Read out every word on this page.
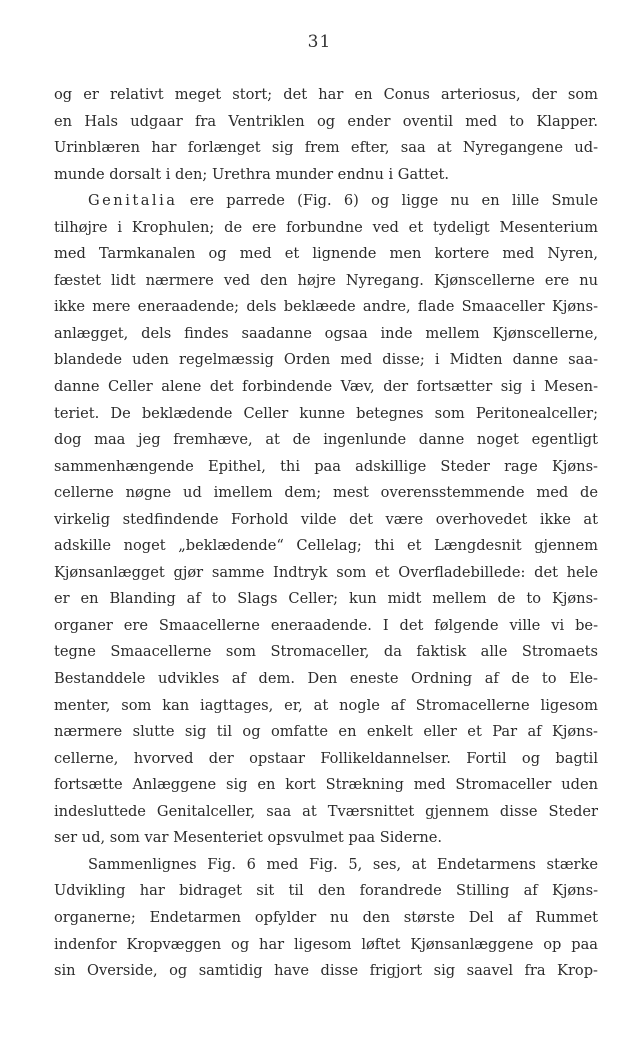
31
og er relativt meget stort; det har en Conus arteriosus, der som
en Hals udgaar fra Ventriklen og ender oventil med to Klapper.
Urinblæren har forlænget sig frem efter, saa at Nyregangene ud-
munde dorsalt i den; Urethra munder endnu i Gattet.
Genitalia ere parrede (Fig. 6) og ligge nu en lille Smule
tilhøjre i Krophulen; de ere forbundne ved et tydeligt Mesenterium
med Tarmkanalen og med et lignende men kortere med Nyren,
fæstet lidt nærmere ved den højre Nyregang. Kjønscellerne ere nu
ikke mere eneraadende; dels beklæede andre, flade Smaaceller Kjøns-
anlægget, dels findes saadanne ogsaa inde mellem Kjønscellerne,
blandede uden regelmæssig Orden med disse; i Midten danne saa-
danne Celler alene det forbindende Væv, der fortsætter sig i Mesen-
teriet. De beklædende Celler kunne betegnes som Peritonealceller;
dog maa jeg fremhæve, at de ingenlunde danne noget egentligt
sammenhængende Epithel, thi paa adskillige Steder rage Kjøns-
cellerne nøgne ud imellem dem; mest overensstemmende med de
virkelig stedfindende Forhold vilde det være overhovedet ikke at
adskille noget „beklædende“ Cellelag; thi et Længdesnit gjennem
Kjønsanlægget gjør samme Indtryk som et Overfladebillede: det hele
er en Blanding af to Slags Celler; kun midt mellem de to Kjøns-
organer ere Smaacellerne eneraadende. I det følgende ville vi be-
tegne Smaacellerne som Stromaceller, da faktisk alle Stromaets
Bestanddele udvikles af dem. Den eneste Ordning af de to Ele-
menter, som kan iagttages, er, at nogle af Stromacellerne ligesom
nærmere slutte sig til og omfatte en enkelt eller et Par af Kjøns-
cellerne, hvorved der opstaar Follikeldannelser. Fortil og bagtil
fortsætte Anlæggene sig en kort Strækning med Stromaceller uden
indesluttede Genitalceller, saa at Tværsnittet gjennem disse Steder
ser ud, som var Mesenteriet opsvulmet paa Siderne.
Sammenlignes Fig. 6 med Fig. 5, ses, at Endetarmens stærke
Udvikling har bidraget sit til den forandrede Stilling af Kjøns-
organerne; Endetarmen opfylder nu den største Del af Rummet
indenfor Kropvæggen og har ligesom løftet Kjønsanlæggene op paa
sin Overside, og samtidig have disse frigjort sig saavel fra Krop-
